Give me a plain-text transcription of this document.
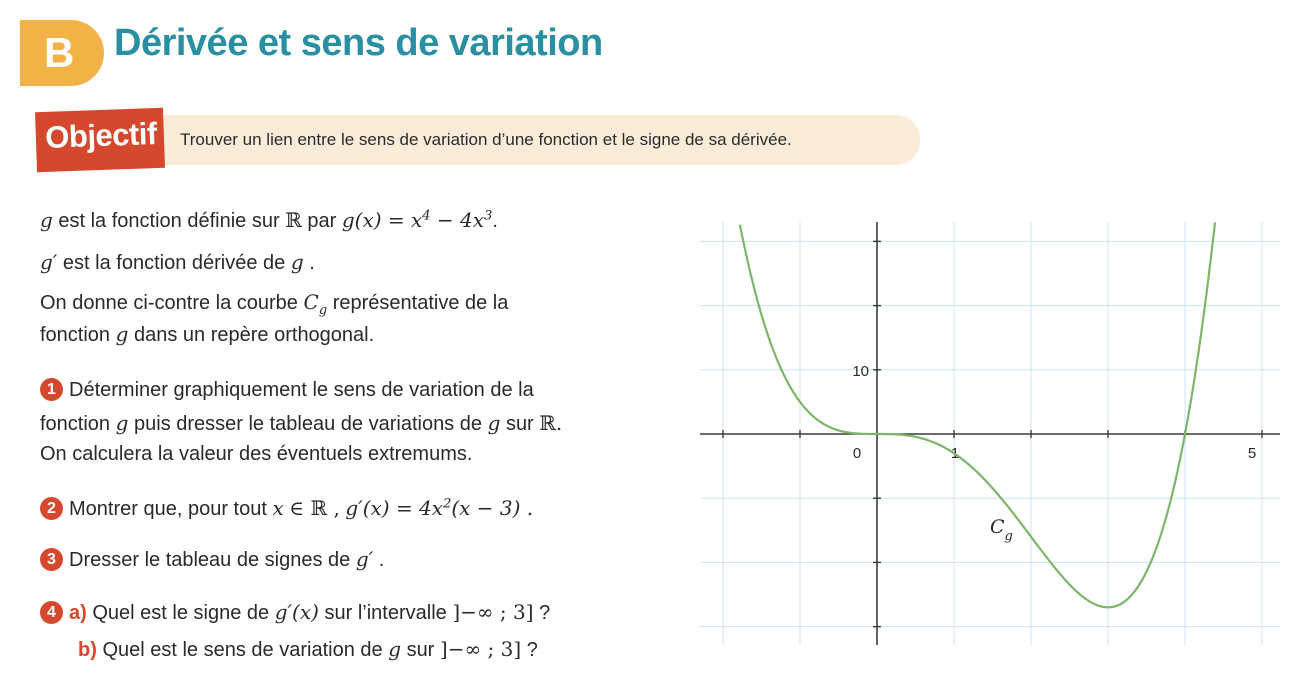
B Dérivée et sens de variation
Objectif	Trouver un lien entre le sens de variation d’une fonction et le signe de sa dérivée.
g est la fonction définie sur ℝ par $g(x) = x^4 - 4x^3$.
g′ est la fonction dérivée de g .
On donne ci-contre la courbe $C_g$ représentative de la
fonction g dans un repère orthogonal.
1 Déterminer graphiquement le sens de variation de la
fonction g puis dresser le tableau de variations de g sur ℝ.
On calculera la valeur des éventuels extremums.
2 Montrer que, pour tout x ∈ ℝ , $g'(x) = 4x^2(x - 3)$ .
3 Dresser le tableau de signes de g′ .
4 a) Quel est le signe de g′(x) sur l’intervalle ]−∞ ; 3] ?
b) Quel est le sens de variation de g sur ]−∞ ; 3] ?
0	1	5
10
$C_g$
